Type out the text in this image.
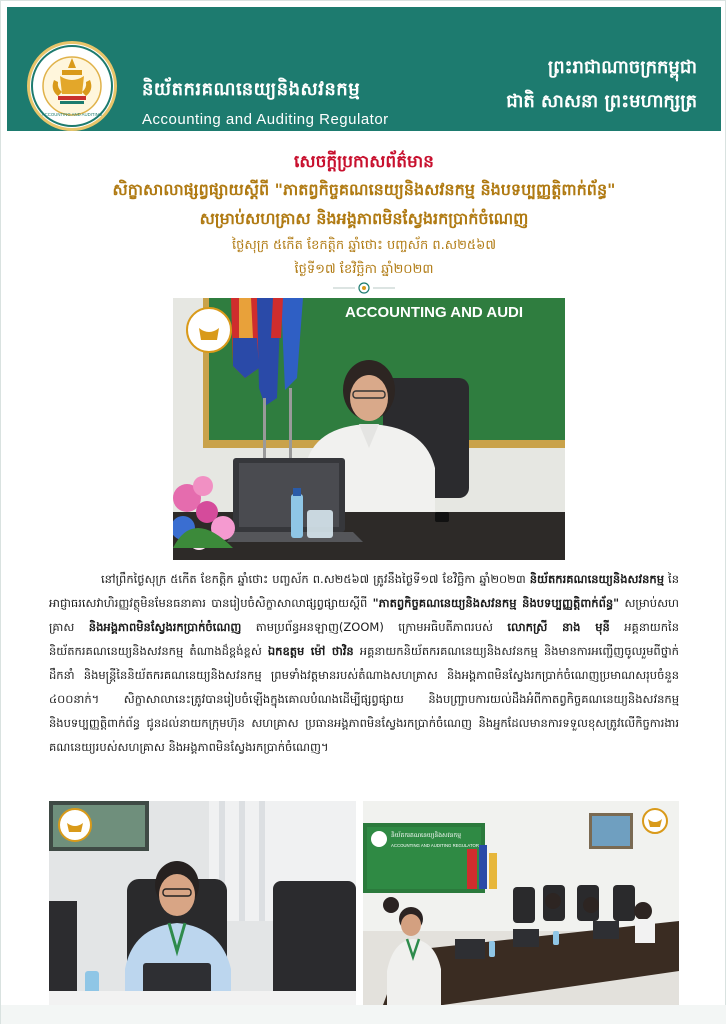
ACCOUNTING AND AUDITING
និយ័តករគណនេយ្យនិងសវនកម្ម
Accounting and Auditing Regulator
ព្រះរាជាណាចក្រកម្ពុជា
ជាតិ សាសនា ព្រះមហាក្សត្រ
សេចក្ដីប្រកាសព័ត៌មាន
សិក្ខាសាលាផ្សព្វផ្សាយស្ដីពី "ភាតព្វកិច្ចគណនេយ្យនិងសវនកម្ម និងបទប្បញ្ញត្តិពាក់ព័ន្ធ"
សម្រាប់សហគ្រាស និងអង្គភាពមិនស្វែងរកប្រាក់ចំណេញ
ថ្ងៃសុក្រ ៥កើត ខែកត្តិក ឆ្នាំថោះ បញ្ចស័ក ព.ស២៥៦៧
ថ្ងៃទី១៧ ខែវិច្ឆិកា ឆ្នាំ២០២៣
ACCOUNTING AND AUDI
នៅព្រឹកថ្ងៃសុក្រ ៥កើត ខែកត្តិក ឆ្នាំថោះ បញ្ចស័ក ព.ស២៥៦៧ ត្រូវនឹងថ្ងៃទី១៧ ខែវិច្ឆិកា ឆ្នាំ២០២៣ និយ័តករគណនេយ្យនិងសវនកម្ម នៃអាជ្ញាធរសេវាហិរញ្ញវត្ថុមិនមែនធនាគារ បានរៀបចំសិក្ខាសាលាផ្សព្វផ្សាយស្ដីពី "ភាតព្វកិច្ចគណនេយ្យនិងសវនកម្ម និងបទប្បញ្ញត្តិពាក់ព័ន្ធ" សម្រាប់សហគ្រាស និងអង្គភាពមិនស្វែងរកប្រាក់ចំណេញ តាមប្រព័ន្ធអនឡាញ(ZOOM) ក្រោមអធិបតីភាពរបស់ លោកស្រី នាង មុនី អគ្គនាយកនៃនិយ័តករគណនេយ្យនិងសវនកម្ម តំណាងដ៏ខ្ពង់ខ្ពស់ ឯកឧត្តម ម៉ៅ ថាវិន អគ្គនាយកនិយ័តករគណនេយ្យនិងសវនកម្ម និងមានការអញ្ជើញចូលរួមពីថ្នាក់ដឹកនាំ និងមន្ត្រីនៃនិយ័តករគណនេយ្យនិងសវនកម្ម ព្រមទាំងវត្តមានរបស់តំណាងសហគ្រាស និងអង្គភាពមិនស្វែងរកប្រាក់ចំណេញប្រមាណសរុបចំនួន ៤០០នាក់។ សិក្ខាសាលានេះត្រូវបានរៀបចំឡើងក្នុងគោលបំណងដើម្បីផ្សព្វផ្សាយ និងបញ្ជ្រាបការយល់ដឹងអំពីកាតព្វកិច្ចគណនេយ្យនិងសវនកម្ម និងបទប្បញ្ញត្តិពាក់ព័ន្ធ ជូនដល់នាយកក្រុមហ៊ុន សហគ្រាស ប្រធានអង្គភាពមិនស្វែងរកប្រាក់ចំណេញ និងអ្នកដែលមានការទទួលខុសត្រូវលើកិច្ចការងារគណនេយ្យរបស់សហគ្រាស និងអង្គភាពមិនស្វែងរកប្រាក់ចំណេញ។
និយ័តករគណនេយ្យនិងសវនកម្ម
ACCOUNTING AND AUDITING REGULATOR
